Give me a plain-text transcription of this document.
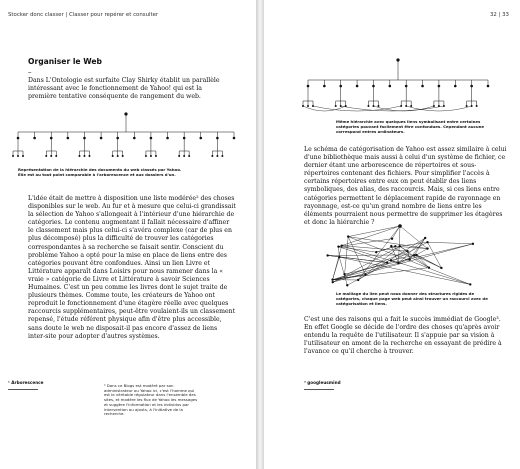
Stocker donc classer | Classer pour repérer et consulter
Organiser le Web
–

Dans L'Ontologie est surfaite Clay Shirky établit un parallèle intéressant avec le fonctionnement de Yahoo! qui est la première tentative conséquente de rangement du web.

Représentation de la hiérarchie des documents du web classés par Yahoo. Elle est au tout point comparable à l'arborescence et aux dossiers d'un.

L'idée était de mettre à disposition une liste modérée² des choses disponibles sur le web. Au fur et à mesure que celui-ci grandissait la sélection de Yahoo s'allongeait à l'intérieur d'une hiérarchie de catégories. Le contenu augmentant il fallait nécessaire d'affiner le classement mais plus celui-ci s'avéra complexe (car de plus en plus décomposé) plus la difficulté de trouver les catégories correspondantes à sa recherche se faisait sentir. Conscient du problème Yahoo a opté pour la mise en place de liens entre des catégories pouvant être confondues. Ainsi un lien Livre et Littérature apparaît dans Loisirs pour nous ramener dans la « vraie » catégorie de Livre et Littérature à savoir Sciences Humaines. C'est un peu comme les livres dont le sujet traite de plusieurs thèmes. Comme toute, les créateurs de Yahoo ont reproduit le fonctionnement d'une étagère réelle avec quelques raccourcis supplémentaires, peut-être voulaient-ils un classement repensé, l'étude référent physique afin d'être plus accessible, sans doute le web ne disposait-il pas encore d'assez de liens inter-site pour adopter d'autres systèmes.

¹ Arborescence

² Dans ce Blogs est modéré par son administrateur ou Yahoo ici, c'est l'homme qui est le véritable régulateur dans l'ensemble des sites, et modère les flux de Yahoo les messages et suggère l'information et les individus par intervention ou ajouts, à l'initiative de la recherche.

32 | 33

Même hiérarchie avec quelques liens symbolisant entre certaines catégories pouvant facilement être confondues. Cependant aucune correspond entres ordinateurs.

Le schéma de catégorisation de Yahoo est assez similaire à celui d'une bibliothèque mais aussi à celui d'un système de fichier, ce dernier étant une arborescence de répertoires et sous-répertoires contenant des fichiers. Pour simplifier l'accès à certains répertoires entre eux on peut établir des liens symboliques, des alias, des raccourcis. Mais, si ces liens entre catégories permettent le déplacement rapide de rayonnage en rayonnage, est-ce qu'un grand nombre de liens entre les éléments pourraient nous permettre de supprimer les étagères et donc la hiérarchie ?

Le maillage du lien peut nous donner des structures rigides de catégories, chaque page web peut ainsi trouver un raccourci avec de catégorisation et liens.

C'est une des raisons qui a fait le succès immédiat de Google³. En effet Google se décide de l'ordre des choses qu'après avoir entendu la requête de l'utilisateur. Il s'appuie par sa vision à l'utilisateur en amont de la recherche en essayant de prédire à l'avance ce qu'il cherche à trouver.

³ googleusmind
